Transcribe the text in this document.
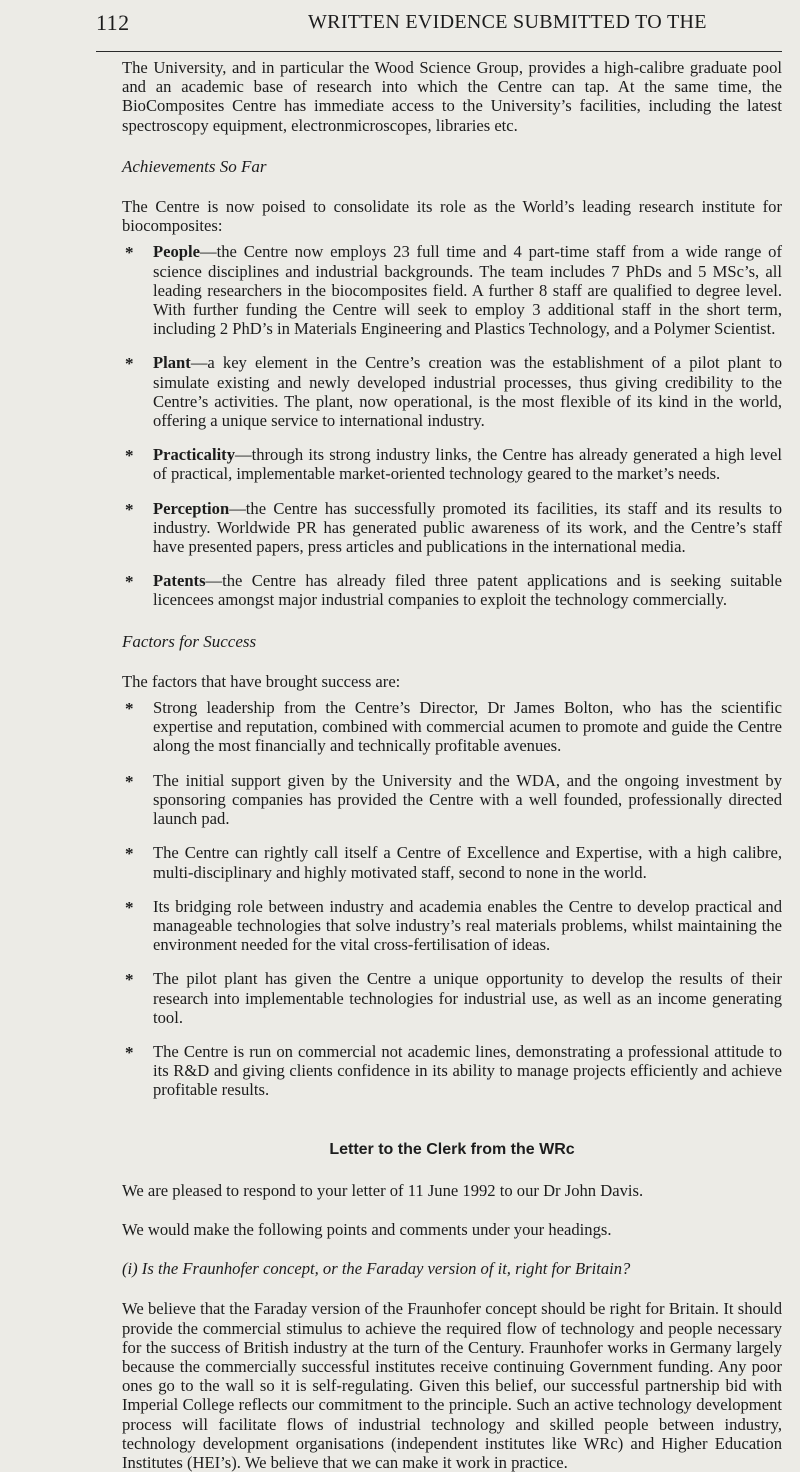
112	WRITTEN EVIDENCE SUBMITTED TO THE

The University, and in particular the Wood Science Group, provides a high-calibre graduate pool and an academic base of research into which the Centre can tap. At the same time, the BioComposites Centre has immediate access to the University’s facilities, including the latest spectroscopy equipment, electronmicroscopes, libraries etc.

Achievements So Far

The Centre is now poised to consolidate its role as the World’s leading research institute for biocomposites:

* People—the Centre now employs 23 full time and 4 part-time staff from a wide range of science disciplines and industrial backgrounds. The team includes 7 PhDs and 5 MSc’s, all leading researchers in the biocomposites field. A further 8 staff are qualified to degree level. With further funding the Centre will seek to employ 3 additional staff in the short term, including 2 PhD’s in Materials Engineering and Plastics Technology, and a Polymer Scientist.
* Plant—a key element in the Centre’s creation was the establishment of a pilot plant to simulate existing and newly developed industrial processes, thus giving credibility to the Centre’s activities. The plant, now operational, is the most flexible of its kind in the world, offering a unique service to international industry.
* Practicality—through its strong industry links, the Centre has already generated a high level of practical, implementable market-oriented technology geared to the market’s needs.
* Perception—the Centre has successfully promoted its facilities, its staff and its results to industry. Worldwide PR has generated public awareness of its work, and the Centre’s staff have presented papers, press articles and publications in the international media.
* Patents—the Centre has already filed three patent applications and is seeking suitable licencees amongst major industrial companies to exploit the technology commercially.
Factors for Success

The factors that have brought success are:

* Strong leadership from the Centre’s Director, Dr James Bolton, who has the scientific expertise and reputation, combined with commercial acumen to promote and guide the Centre along the most financially and technically profitable avenues.
* The initial support given by the University and the WDA, and the ongoing investment by sponsoring companies has provided the Centre with a well founded, professionally directed launch pad.
* The Centre can rightly call itself a Centre of Excellence and Expertise, with a high calibre, multi-disciplinary and highly motivated staff, second to none in the world.
* Its bridging role between industry and academia enables the Centre to develop practical and manageable technologies that solve industry’s real materials problems, whilst maintaining the environment needed for the vital cross-fertilisation of ideas.
* The pilot plant has given the Centre a unique opportunity to develop the results of their research into implementable technologies for industrial use, as well as an income generating tool.
* The Centre is run on commercial not academic lines, demonstrating a professional attitude to its R&D and giving clients confidence in its ability to manage projects efficiently and achieve profitable results.
Letter to the Clerk from the WRc

We are pleased to respond to your letter of 11 June 1992 to our Dr John Davis.

We would make the following points and comments under your headings.

(i) Is the Fraunhofer concept, or the Faraday version of it, right for Britain?

We believe that the Faraday version of the Fraunhofer concept should be right for Britain. It should provide the commercial stimulus to achieve the required flow of technology and people necessary for the success of British industry at the turn of the Century. Fraunhofer works in Germany largely because the commercially successful institutes receive continuing Government funding. Any poor ones go to the wall so it is self-regulating. Given this belief, our successful partnership bid with Imperial College reflects our commitment to the principle. Such an active technology development process will facilitate flows of industrial technology and skilled people between industry, technology development organisations (independent institutes like WRc) and Higher Education Institutes (HEI’s). We believe that we can make it work in practice.
